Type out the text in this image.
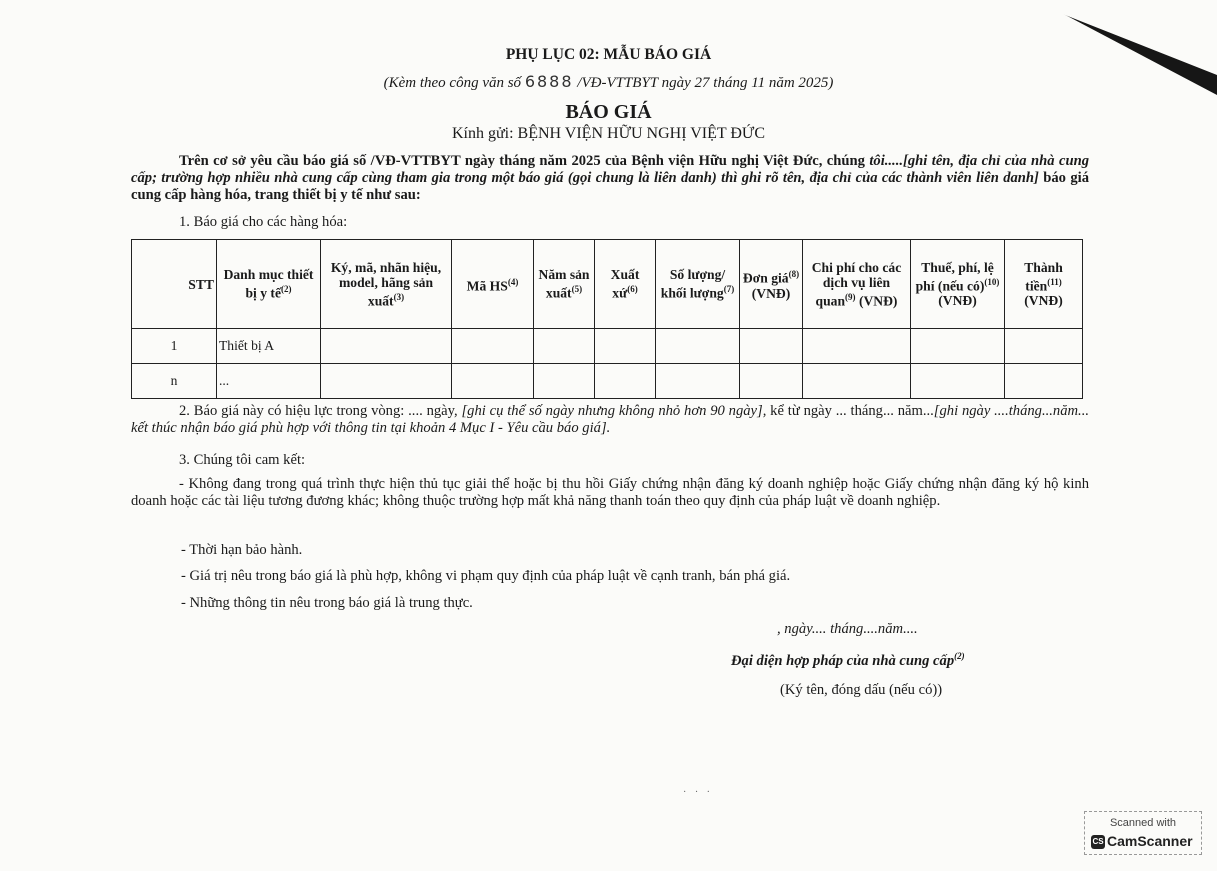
PHỤ LỤC 02: MẪU BÁO GIÁ
(Kèm theo công văn số 6888 /VĐ-VTTBYT ngày 27 tháng 11 năm 2025)
BÁO GIÁ
Kính gửi: BỆNH VIỆN HỮU NGHỊ VIỆT ĐỨC

Trên cơ sở yêu cầu báo giá số /VĐ-VTTBYT ngày tháng năm 2025 của Bệnh viện Hữu nghị Việt Đức, chúng tôi.....[ghi tên, địa chỉ của nhà cung cấp; trường hợp nhiều nhà cung cấp cùng tham gia trong một báo giá (gọi chung là liên danh) thì ghi rõ tên, địa chỉ của các thành viên liên danh] báo giá cung cấp hàng hóa, trang thiết bị y tế như sau:

1. Báo giá cho các hàng hóa:

STT	Danh mục thiết bị y tế$^{(2)}$	Ký, mã, nhãn hiệu, model, hãng sản xuất$^{(3)}$	Mã HS$^{(4)}$	Năm sản xuất$^{(5)}$	Xuất xứ$^{(6)}$	Số lượng/ khối lượng$^{(7)}$	Đơn giá$^{(8)}$ (VNĐ)	Chi phí cho các dịch vụ liên quan$^{(9)}$ (VNĐ)	Thuế, phí, lệ phí (nếu có)$^{(10)}$ (VNĐ)	Thành tiền$^{(11)}$ (VNĐ)
1	Thiết bị A									
n	...									

2. Báo giá này có hiệu lực trong vòng: .... ngày, [ghi cụ thể số ngày nhưng không nhỏ hơn 90 ngày], kể từ ngày ... tháng... năm...[ghi ngày ....tháng...năm... kết thúc nhận báo giá phù hợp với thông tin tại khoản 4 Mục I - Yêu cầu báo giá].

3. Chúng tôi cam kết:

- Không đang trong quá trình thực hiện thủ tục giải thể hoặc bị thu hồi Giấy chứng nhận đăng ký doanh nghiệp hoặc Giấy chứng nhận đăng ký hộ kinh doanh hoặc các tài liệu tương đương khác; không thuộc trường hợp mất khả năng thanh toán theo quy định của pháp luật về doanh nghiệp.

- Thời hạn bảo hành.

- Giá trị nêu trong báo giá là phù hợp, không vi phạm quy định của pháp luật về cạnh tranh, bán phá giá.

- Những thông tin nêu trong báo giá là trung thực.

, ngày.... tháng....năm....
Đại diện hợp pháp của nhà cung cấp$^{(2)}$
(Ký tên, đóng dấu (nếu có))
· · ·
Scanned with
CS CamScanner
